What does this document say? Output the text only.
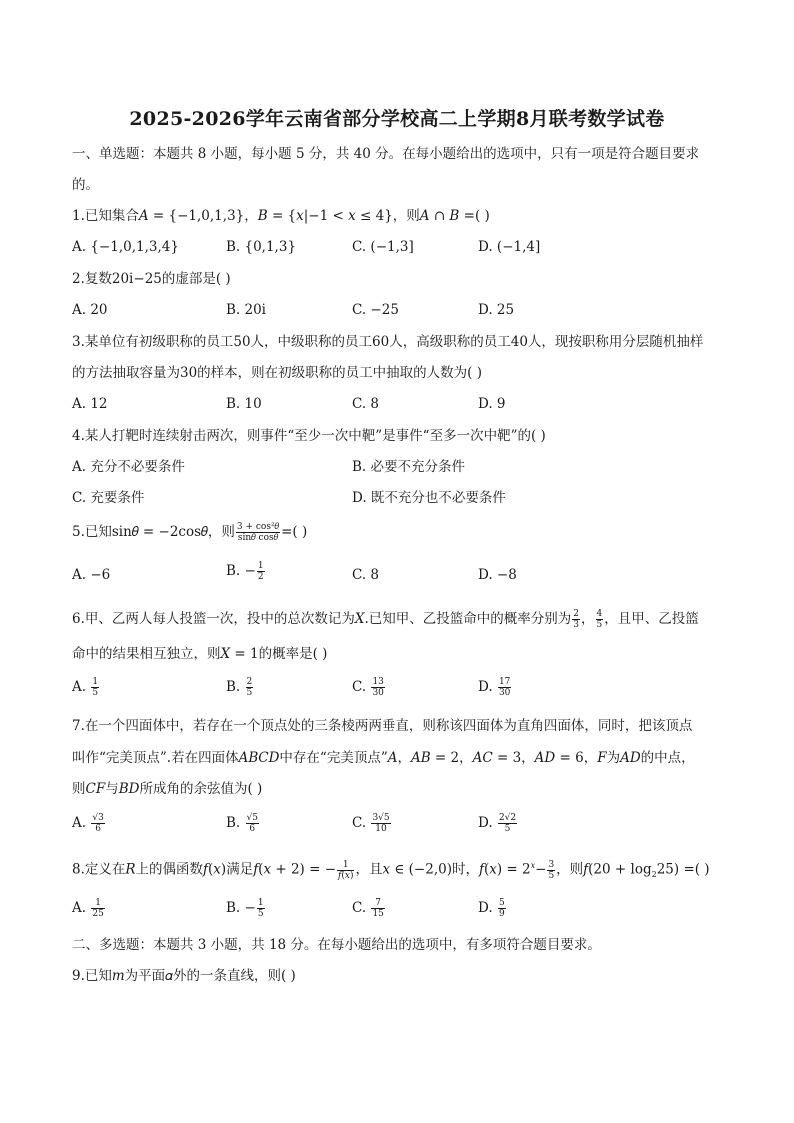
2025-2026学年云南省部分学校高二上学期8月联考数学试卷
一、单选题：本题共 8 小题，每小题 5 分，共 40 分。在每小题给出的选项中，只有一项是符合题目要求
的。
1.已知集合𝐴 = {−1,0,1,3}，𝐵 = {𝑥|−1 < 𝑥 ≤ 4}，则𝐴 ∩ 𝐵 =( )
A. {−1,0,1,3,4}	B. {0,1,3}	C. (−1,3]	D. (−1,4]
2.复数20i−25的虚部是( )
A. 20	B. 20i	C. −25	D. 25
3.某单位有初级职称的员工50人，中级职称的员工60人，高级职称的员工40人，现按职称用分层随机抽样
的方法抽取容量为30的样本，则在初级职称的员工中抽取的人数为( )
A. 12	B. 10	C. 8	D. 9
4.某人打靶时连续射击两次，则事件“至少一次中靶”是事件“至多一次中靶”的( )
A. 充分不必要条件	B. 必要不充分条件
C. 充要条件	D. 既不充分也不必要条件
5.已知sin𝜃 = −2cos𝜃，则 $\frac{\text{3 + cos²𝜃}}{\text{sin𝜃 cos𝜃}}$ =( )
A. −6	B. − $\frac{1}{2}$	C. 8	D. −8
6.甲、乙两人每人投篮一次，投中的总次数记为𝑋.已知甲、乙投篮命中的概率分别为 $\frac{2}{3}$ ， $\frac{4}{5}$ ，且甲、乙投篮
命中的结果相互独立，则𝑋 = 1的概率是( )
A. $\frac{1}{5}$	B. $\frac{2}{5}$	C. $\frac{13}{30}$	D. $\frac{17}{30}$
7.在一个四面体中，若存在一个顶点处的三条棱两两垂直，则称该四面体为直角四面体，同时，把该顶点
叫作“完美顶点”.若在四面体𝐴𝐵𝐶𝐷中存在“完美顶点”𝐴，𝐴𝐵 = 2，𝐴𝐶 = 3，𝐴𝐷 = 6，𝐹为𝐴𝐷的中点，
则𝐶𝐹与𝐵𝐷所成角的余弦值为( )
A. $\frac{√3}{6}$	B. $\frac{√5}{6}$	C. $\frac{3√5}{10}$	D. $\frac{2√2}{5}$
8.定义在𝑅上的偶函数𝑓(𝑥)满足𝑓(𝑥 + 2) = − $\frac{1}{\text{𝑓(𝑥)}}$ ，且𝑥 ∈ (−2,0)时，𝑓(𝑥) = $2^𝑥- \frac{3}{5}$ ，则𝑓(20 + $\log_225$) =( )
A. $\frac{1}{25}$	B. − $\frac{1}{5}$	C. $\frac{7}{15}$	D. $\frac{5}{9}$
二、多选题：本题共 3 小题，共 18 分。在每小题给出的选项中，有多项符合题目要求。
9.已知𝑚为平面𝛼外的一条直线，则( )
